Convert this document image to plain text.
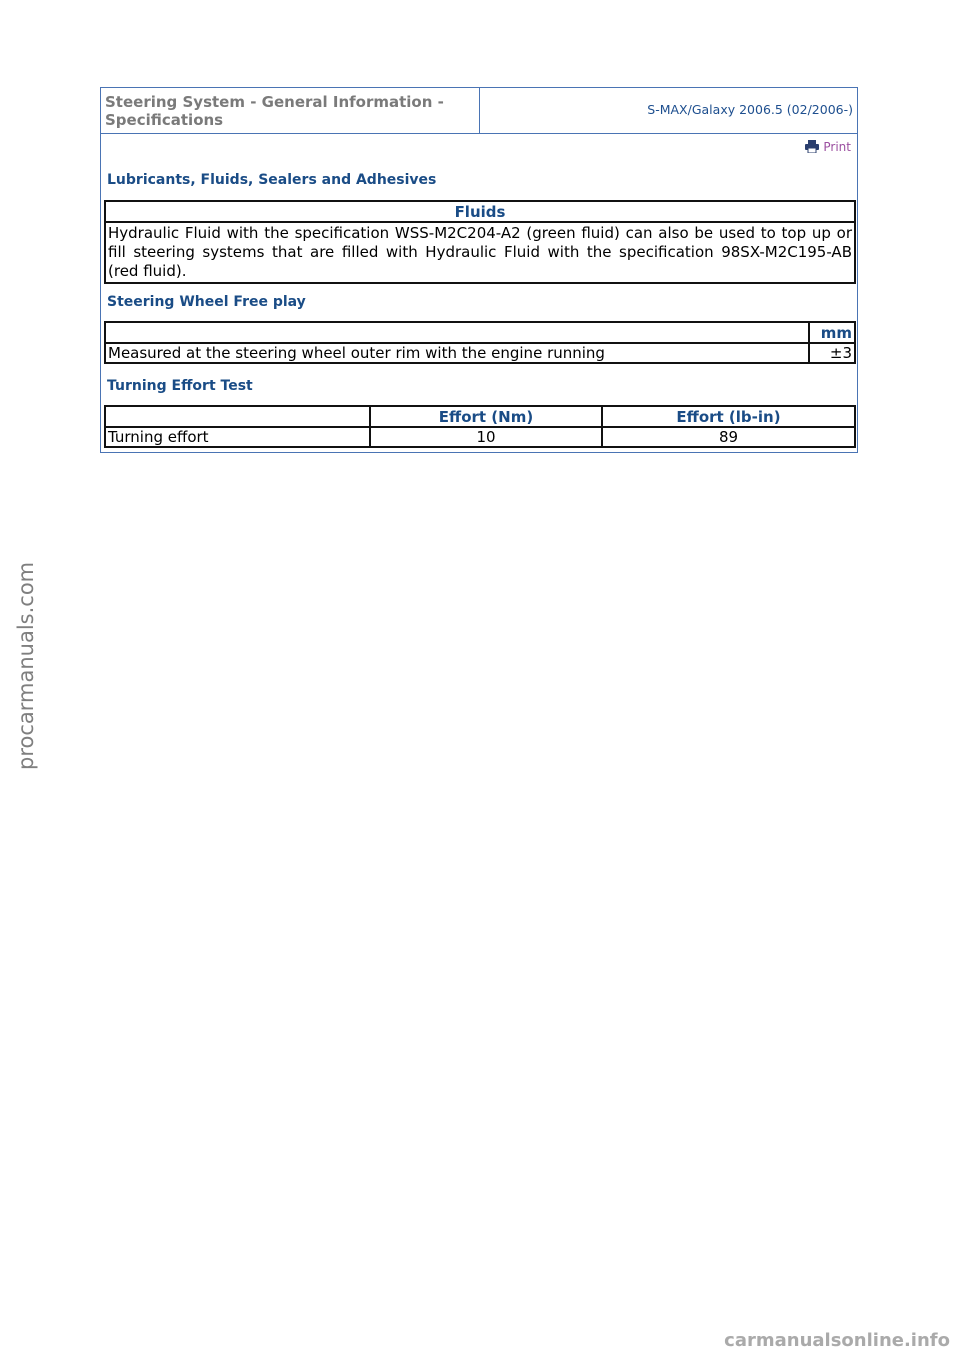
Steering System - General Information - Specifications
S-MAX/Galaxy 2006.5 (02/2006-)
Print
Lubricants, Fluids, Sealers and Adhesives
Fluids
Hydraulic Fluid with the specification WSS-M2C204-A2 (green fluid) can also be used to top up or fill steering systems that are filled with Hydraulic Fluid with the specification 98SX-M2C195-AB (red fluid).
Steering Wheel Free play
	mm
Measured at the steering wheel outer rim with the engine running	±3
Turning Effort Test
	Effort (Nm)	Effort (lb-in)
Turning effort	10	89
procarmanuals.com
carmanualsonline.info
